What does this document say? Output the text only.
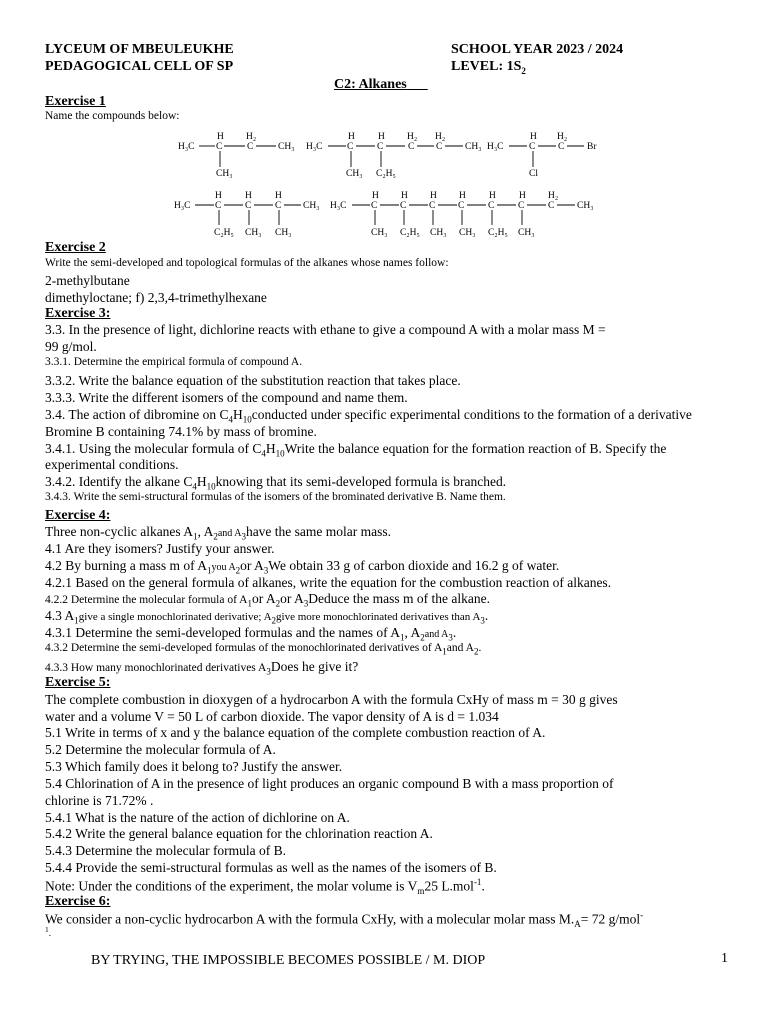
LYCEUM OF MBEULEUKHE
PEDAGOGICAL CELL OF SP
SCHOOL YEAR 2023 / 2024
LEVEL: $1S_2$
C2: Alkanes
Exercise 1
Name the compounds below:
H₃C
H
C
H₂
C	CH₃
CH₃
H₃C
H
C
H
C
H₂
C
H₂
C CH₃
CH₃ C₂H₅
H₃C
H
C
H₂
C Br
Cl
H₃C
H
C
H
C
H
C CH₃
C₂H₅ CH₃ CH₃
H₃C
H
C
H
C
H
C
H
C
H
C
H
C
H₂
C CH₃
CH₃ C₂H₅ CH₃ CH₃ C₂H₅ CH₃
Exercise 2
Write the semi-developed and topological formulas of the alkanes whose names follow:
2-methylbutane
dimethyloctane; f) 2,3,4-trimethylhexane
Exercise 3:
3.3. In the presence of light, dichlorine reacts with ethane to give a compound A with a molar mass M =
99 g/mol.
3.3.1. Determine the empirical formula of compound A.
3.3.2. Write the balance equation of the substitution reaction that takes place.
3.3.3. Write the different isomers of the compound and name them.
3.4. The action of dibromine on $C_4H_{10}conducted$ under specific experimental conditions to the formation of a derivative
Bromine B containing 74.1% by mass of bromine.
3.4.1. Using the molecular formula of $C_4H_{10}Write$ the balance equation for the formation reaction of B. Specify the
experimental conditions.
3.4.2. Identify the alkane $C_4H_{10}knowing$ that its semi-developed formula is branched.
3.4.3. Write the semi-structural formulas of the isomers of the brominated derivative B. Name them.
Exercise 4:
Three non-cyclic alkanes $A_1$, $A_2and$ $A_3have$ the same molar mass.
4.1 Are they isomers? Justify your answer.
4.2 By burning a mass m of $A_1you$ $A_2or$ $A_3We$ obtain 33 g of carbon dioxide and 16.2 g of water.
4.2.1 Based on the general formula of alkanes, write the equation for the combustion reaction of alkanes.
4.2.2 Determine the molecular formula of $A_1or$ $A_2or$ $A_3Deduce$ the mass m of the alkane.
4.3 $A_1give$ a single monochlorinated derivative; $A_2give$ more monochlorinated derivatives than $A_3$.
4.3.1 Determine the semi-developed formulas and the names of $A_1$, $A_2and$ $A_3$.
4.3.2 Determine the semi-developed formulas of the monochlorinated derivatives of $A_1and$ $A_2$.
4.3.3 How many monochlorinated derivatives $A_3Does$ he give it?
Exercise 5:
The complete combustion in dioxygen of a hydrocarbon A with the formula CxHy of mass m = 30 g gives
water and a volume V = 50 L of carbon dioxide. The vapor density of A is d = 1.034
5.1 Write in terms of x and y the balance equation of the complete combustion reaction of A.
5.2 Determine the molecular formula of A.
5.3 Which family does it belong to? Justify the answer.
5.4 Chlorination of A in the presence of light produces an organic compound B with a mass proportion of
chlorine is 71.72% .
5.4.1 What is the nature of the action of dichlorine on A.
5.4.2 Write the general balance equation for the chlorination reaction A.
5.4.3 Determine the molecular formula of B.
5.4.4 Provide the semi-structural formulas as well as the names of the isomers of B.
Note: Under the conditions of the experiment, the molar volume is $V_m25$ L.mol$^{-1}$.
Exercise 6:
We consider a non-cyclic hydrocarbon A with the formula CxHy, with a molecular molar mass $M._A= 72$ g/mol-
$^1$.
BY TRYING, THE IMPOSSIBLE BECOMES POSSIBLE / M. DIOP	1
